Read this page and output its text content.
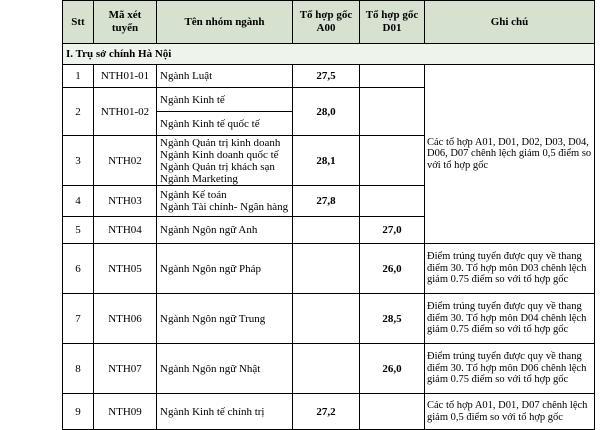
Stt	Mã xét tuyển	Tên nhóm ngành	Tổ hợp gốc A00	Tổ hợp gốc D01	Ghi chú	
I. Trụ sở chính Hà Nội						
1	NTH01-01	Ngành Luật	27,5		Các tổ hợp A01, D01, D02, D03, D04, D06, D07 chênh lệch giảm 0,5 điểm so với tổ hợp gốc	
2	NTH01-02	Ngành Kinh tế	28,0			

		Ngành Kinh tế quốc tế				

3	NTH02	Ngành Quản trị kinh doanh
Ngành Kinh doanh quốc tế
Ngành Quản trị khách sạn
Ngành Marketing	28,1			
4	NTH03	Ngành Kế toán
Ngành Tài chính- Ngân hàng	27,8			
5	NTH04	Ngành Ngôn ngữ Anh		27,0		
6	NTH05	Ngành Ngôn ngữ Pháp		26,0	Điểm trúng tuyển được quy về thang điểm 30. Tổ hợp môn D03 chênh lệch giảm 0.75 điểm so với tổ hợp gốc	
7	NTH06	Ngành Ngôn ngữ Trung		28,5	Điểm trúng tuyển được quy về thang điểm 30. Tổ hợp môn D04 chênh lệch giảm 0.75 điểm so với tổ hợp gốc	
8	NTH07	Ngành Ngôn ngữ Nhật		26,0	Điểm trúng tuyển được quy về thang điểm 30. Tổ hợp môn D06 chênh lệch giảm 0.75 điểm so với tổ hợp gốc	
9	NTH09	Ngành Kinh tế chính trị	27,2		Các tổ hợp A01, D01, D07 chênh lệch giảm 0,5 điểm so với tổ hợp gốc	
